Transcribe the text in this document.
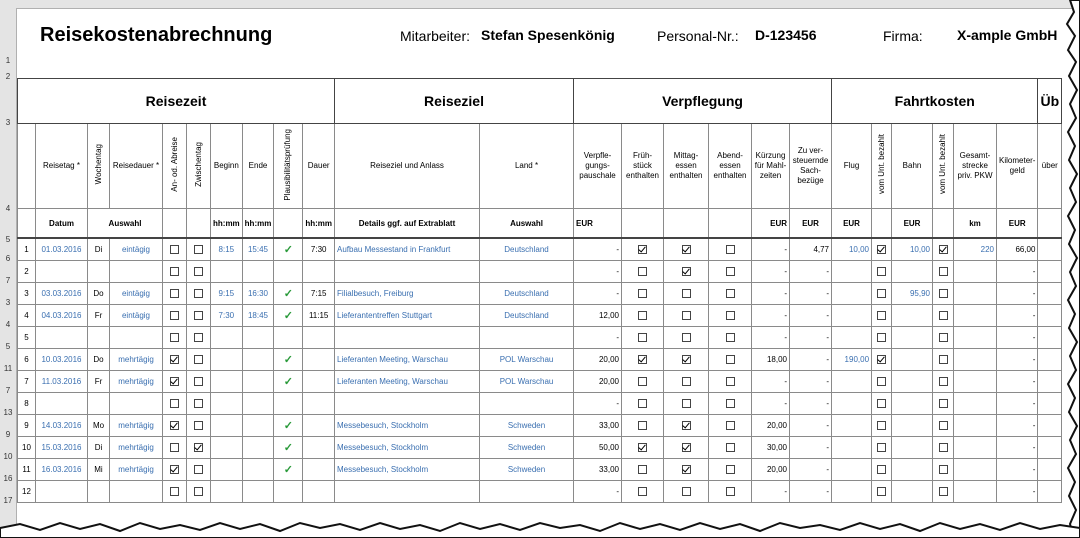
1
2
3
4
5
6
7
3
4
5
11
7
13
9
10
16
17
Reisekostenabrechnung	Mitarbeiter: Stefan Spesenkönig	Personal-Nr.: D-123456	Firma: X-ample GmbH
Reisezeit										Reiseziel		Verpflegung						Fahrtkosten						Üb
	Reisetag *	Wochentag	Reisedauer *	An- od. Abreise	Zwischentag	Beginn	Ende	Plausibilitätsprüfung	Dauer	Reiseziel und Anlass	Land *	Verpfle- gungs- pauschale	Früh- stück enthalten	Mittag- essen enthalten	Abend- essen enthalten	Kürzung für Mahl- zeiten	Zu ver- steuernde Sach- bezüge	Flug	vom Unt. bezahlt	Bahn	vom Unt. bezahlt	Gesamt- strecke priv. PKW	Kilometer- geld	über
	Datum	Auswahl				hh:mm	hh:mm		hh:mm	Details ggf. auf Extrablatt	Auswahl	EUR				EUR	EUR	EUR		EUR		km	EUR	
1	01.03.2016	Di	eintägig			8:15	15:45	✓	7:30	Aufbau Messestand in Frankfurt	Deutschland	-				-	4,77	10,00		10,00		220	66,00	
2												-				-	-						-	
3	03.03.2016	Do	eintägig			9:15	16:30	✓	7:15	Filialbesuch, Freiburg	Deutschland	-				-	-			95,90			-	
4	04.03.2016	Fr	eintägig			7:30	18:45	✓	11:15	Lieferantentreffen Stuttgart	Deutschland	12,00				-	-						-	
5												-				-	-						-	
6	10.03.2016	Do	mehrtägig					✓		Lieferanten Meeting, Warschau	POL Warschau	20,00				18,00	-	190,00					-	
7	11.03.2016	Fr	mehrtägig					✓		Lieferanten Meeting, Warschau	POL Warschau	20,00				-	-						-	
8												-				-	-						-	
9	14.03.2016	Mo	mehrtägig					✓		Messebesuch, Stockholm	Schweden	33,00				20,00	-						-	
10	15.03.2016	Di	mehrtägig					✓		Messebesuch, Stockholm	Schweden	50,00				30,00	-						-	
11	16.03.2016	Mi	mehrtägig					✓		Messebesuch, Stockholm	Schweden	33,00				20,00	-						-	
12												-				-	-						-	
